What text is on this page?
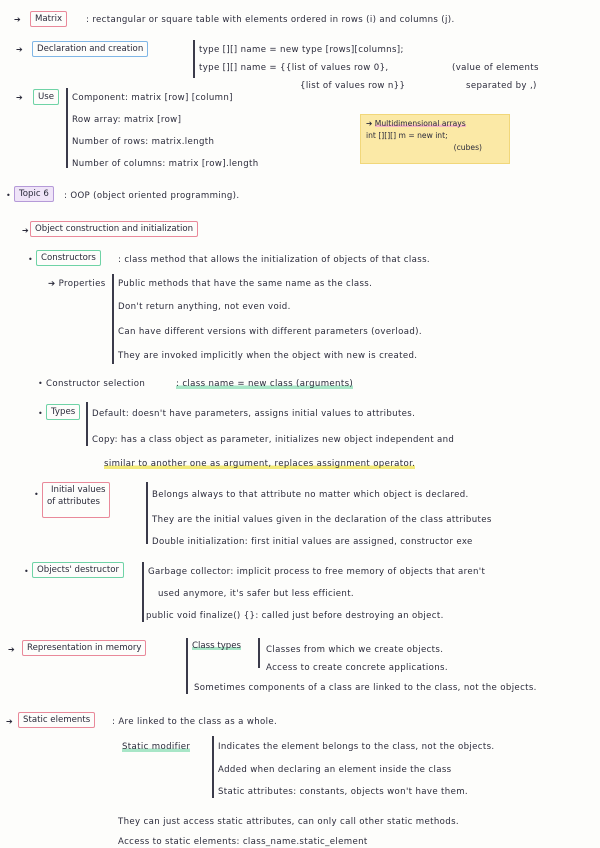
➔	Matrix	: rectangular or square table with elements ordered in rows (i) and columns (j).
➔	Declaration and creation	type [][] name = new type [rows][columns];
type [][] name = {{list of values row 0},
{list of values row n}}
(value of elements
separated by ,)
➔	Use	Component: matrix [row] [column]
Row array: matrix [row]
Number of rows: matrix.length
Number of columns: matrix [row].length
➔ Multidimensional arrays
int [][][] m = new int;
(cubes)
• Topic 6	: OOP (object oriented programming).
➔ Object construction and initialization
• Constructors	: class method that allows the initialization of objects of that class.
➔ Properties Public methods that have the same name as the class.
Don't return anything, not even void.
Can have different versions with different parameters (overload).
They are invoked implicitly when the object with new is created.
• Constructor selection	: class name = new class (arguments)
• Types	Default: doesn't have parameters, assigns initial values to attributes.
Copy: has a class object as parameter, initializes new object independent and
similar to another one as argument, replaces assignment operator.
•	Initial values
of attributes
Belongs always to that attribute no matter which object is declared.
They are the initial values given in the declaration of the class attributes
Double initialization: first initial values are assigned, constructor exe
• Objects' destructor	Garbage collector: implicit process to free memory of objects that aren't
used anymore, it's safer but less efficient.
public void finalize() {}: called just before destroying an object.
➔	Representation in memory	Class types	Classes from which we create objects.
Access to create concrete applications.
Sometimes components of a class are linked to the class, not the objects.
➔	Static elements	: Are linked to the class as a whole.
Static modifier	Indicates the element belongs to the class, not the objects.
Added when declaring an element inside the class
Static attributes: constants, objects won't have them.
They can just access static attributes, can only call other static methods.
Access to static elements: class_name.static_element
